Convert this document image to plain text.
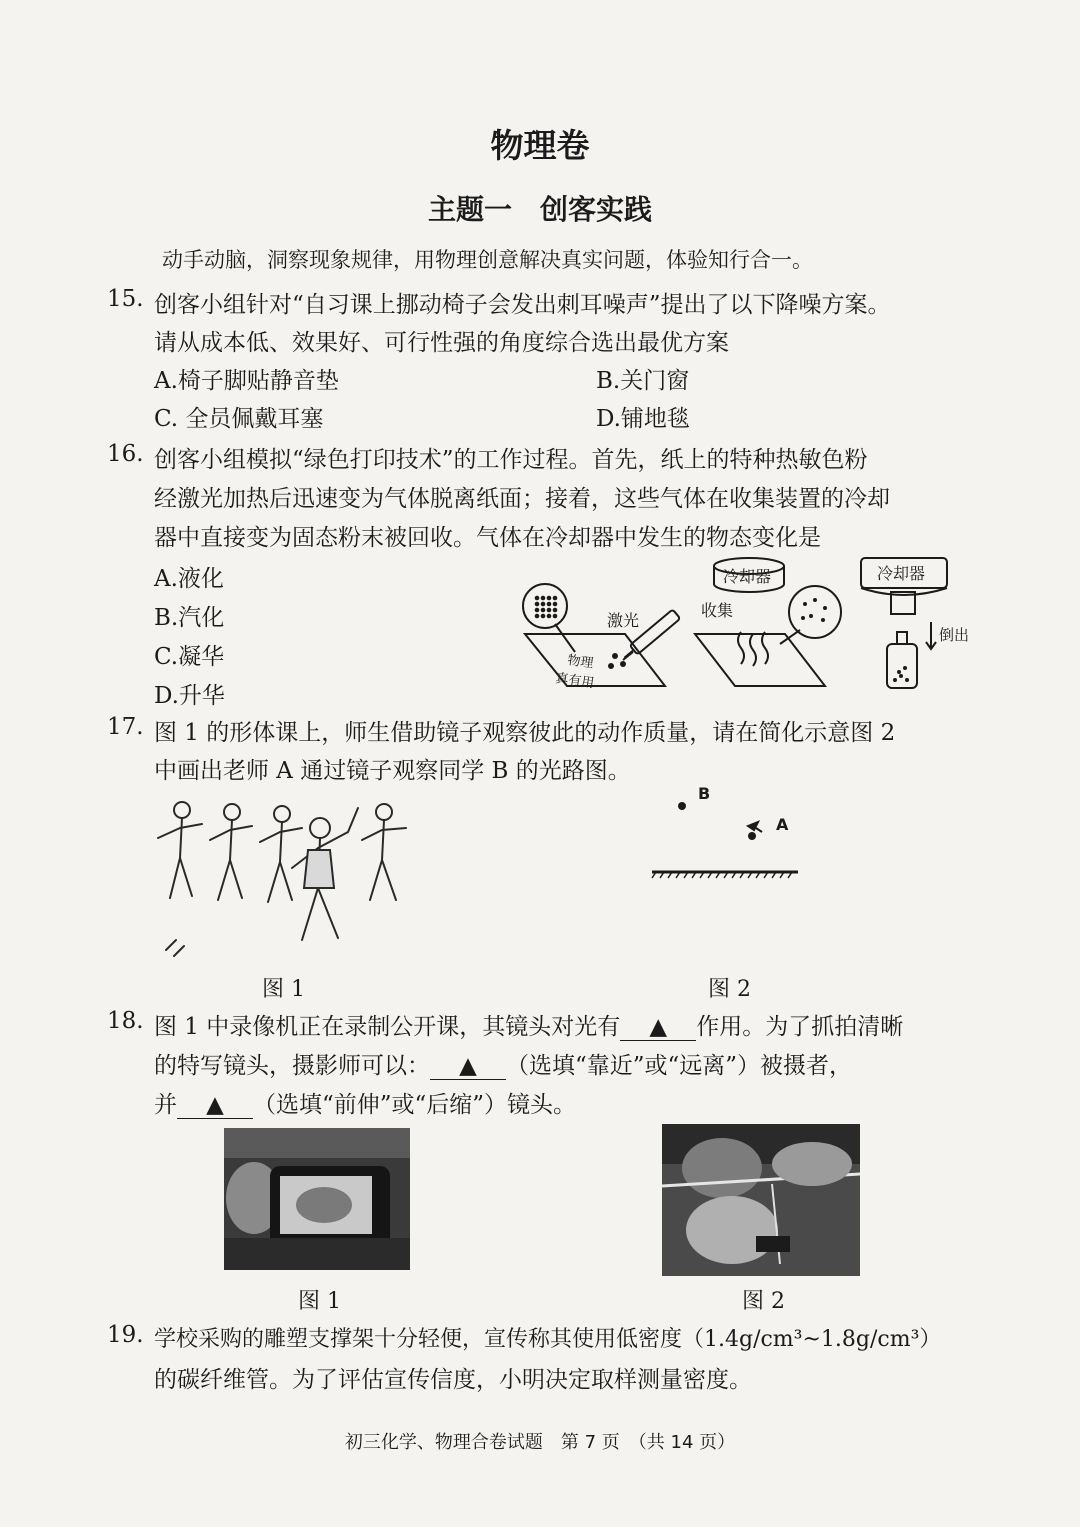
物理卷
主题一 创客实践
动手动脑，洞察现象规律，用物理创意解决真实问题，体验知行合一。
15. 创客小组针对“自习课上挪动椅子会发出刺耳噪声”提出了以下降噪方案。
请从成本低、效果好、可行性强的角度综合选出最优方案
A.椅子脚贴静音垫	B.关门窗
C. 全员佩戴耳塞	D.铺地毯
16. 创客小组模拟“绿色打印技术”的工作过程。首先，纸上的特种热敏色粉
经激光加热后迅速变为气体脱离纸面；接着，这些气体在收集装置的冷却
器中直接变为固态粉末被回收。气体在冷却器中发生的物态变化是
A.液化
B.汽化
C.凝华
D.升华
激光
物理
真有用
收集
冷却器	冷却器
倒出
17. 图 1 的形体课上，师生借助镜子观察彼此的动作质量，请在简化示意图 2
中画出老师 A 通过镜子观察同学 B 的光路图。
图 1
B
A
图 2
18. 图 1 中录像机正在录制公开课，其镜头对光有 ▲ 作用。为了抓拍清晰
的特写镜头，摄影师可以： ▲ （选填“靠近”或“远离”）被摄者，
并 ▲ （选填“前伸”或“后缩”）镜头。
图 1	图 2
19. 学校采购的雕塑支撑架十分轻便，宣传称其使用低密度（1.4g/cm³~1.8g/cm³）
的碳纤维管。为了评估宣传信度，小明决定取样测量密度。
初三化学、物理合卷试题　第 7 页　（共 14 页）
